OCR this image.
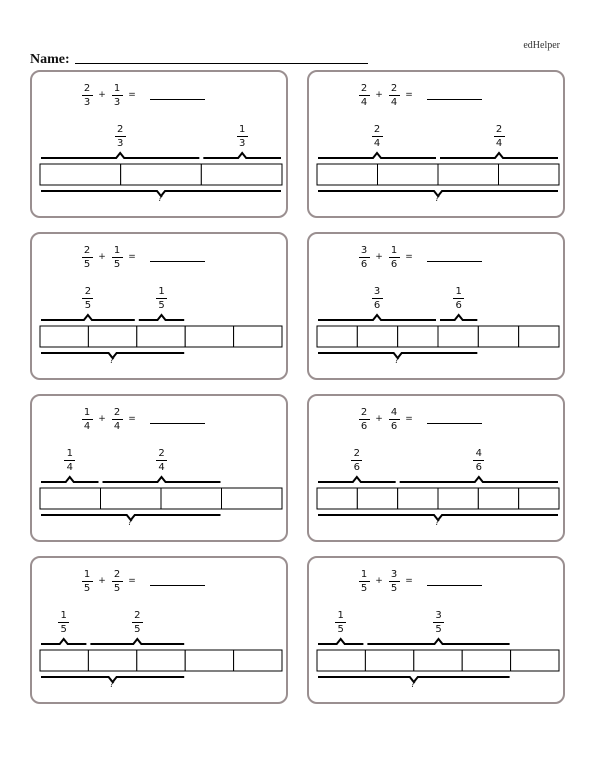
edHelper
Name:
$\frac{2}{3} + \frac{1}{3}$ =
2
3
1
3
?
$\frac{2}{4} + \frac{2}{4}$ =
2
4
2
4
?
$\frac{2}{5} + \frac{1}{5}$ =
2
5
1
5
?
$\frac{3}{6} + \frac{1}{6}$ =
3
6
1
6
?
$\frac{1}{4} + \frac{2}{4}$ =
1
4
2
4
?
$\frac{2}{6} + \frac{4}{6}$ =
2
6
4
6
?
$\frac{1}{5} + \frac{2}{5}$ =
1
5
2
5
?
$\frac{1}{5} + \frac{3}{5}$ =
1
5
3
5
?
